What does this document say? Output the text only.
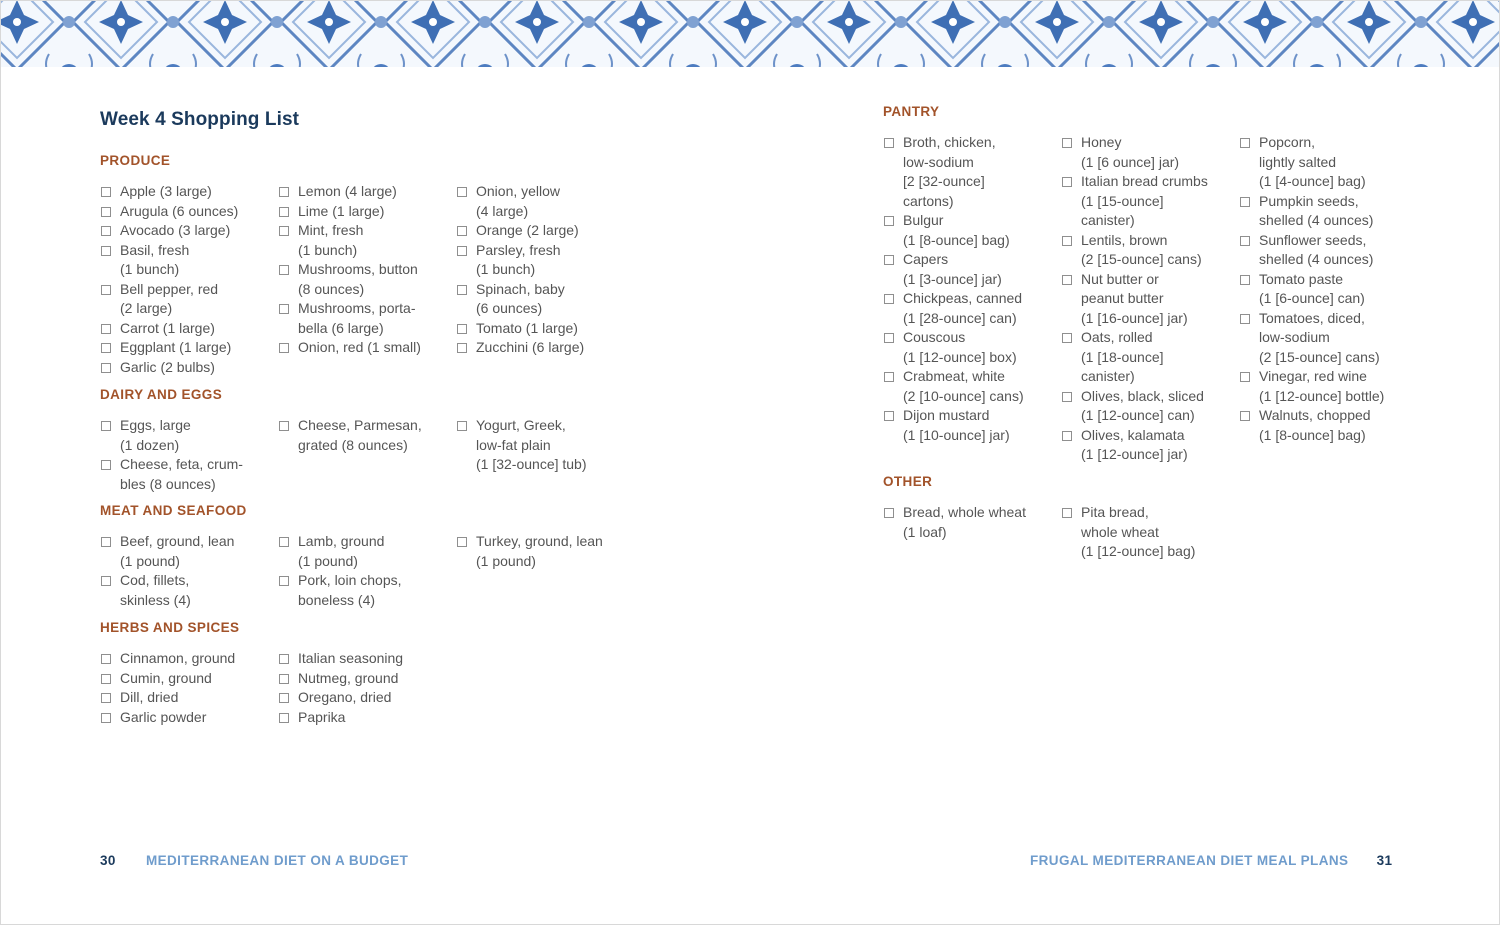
Week 4 Shopping List
PRODUCE
Apple (3 large)
Arugula (6 ounces)
Avocado (3 large)
Basil, fresh
(1 bunch)
Bell pepper, red
(2 large)
Carrot (1 large)
Eggplant (1 large)
Garlic (2 bulbs)
Lemon (4 large)
Lime (1 large)
Mint, fresh
(1 bunch)
Mushrooms, button
(8 ounces)
Mushrooms, porta-
bella (6 large)
Onion, red (1 small)
Onion, yellow
(4 large)
Orange (2 large)
Parsley, fresh
(1 bunch)
Spinach, baby
(6 ounces)
Tomato (1 large)
Zucchini (6 large)
DAIRY AND EGGS
Eggs, large
(1 dozen)
Cheese, feta, crum-
bles (8 ounces)
Cheese, Parmesan,
grated (8 ounces)
Yogurt, Greek,
low-fat plain
(1 [32-ounce] tub)
MEAT AND SEAFOOD
Beef, ground, lean
(1 pound)
Cod, fillets,
skinless (4)
Lamb, ground
(1 pound)
Pork, loin chops,
boneless (4)
Turkey, ground, lean
(1 pound)
HERBS AND SPICES
Cinnamon, ground
Cumin, ground
Dill, dried
Garlic powder
Italian seasoning
Nutmeg, ground
Oregano, dried
Paprika
PANTRY
Broth, chicken,
low-sodium
[2 [32-ounce]
cartons)
Bulgur
(1 [8-ounce] bag)
Capers
(1 [3-ounce] jar)
Chickpeas, canned
(1 [28-ounce] can)
Couscous
(1 [12-ounce] box)
Crabmeat, white
(2 [10-ounce] cans)
Dijon mustard
(1 [10-ounce] jar)
Honey
(1 [6 ounce] jar)
Italian bread crumbs
(1 [15-ounce]
canister)
Lentils, brown
(2 [15-ounce] cans)
Nut butter or
peanut butter
(1 [16-ounce] jar)
Oats, rolled
(1 [18-ounce]
canister)
Olives, black, sliced
(1 [12-ounce] can)
Olives, kalamata
(1 [12-ounce] jar)
Popcorn,
lightly salted
(1 [4-ounce] bag)
Pumpkin seeds,
shelled (4 ounces)
Sunflower seeds,
shelled (4 ounces)
Tomato paste
(1 [6-ounce] can)
Tomatoes, diced,
low-sodium
(2 [15-ounce] cans)
Vinegar, red wine
(1 [12-ounce] bottle)
Walnuts, chopped
(1 [8-ounce] bag)
OTHER
Bread, whole wheat
(1 loaf)
Pita bread,
whole wheat
(1 [12-ounce] bag)
30 MEDITERRANEAN DIET ON A BUDGET	FRUGAL MEDITERRANEAN DIET MEAL PLANS 31
